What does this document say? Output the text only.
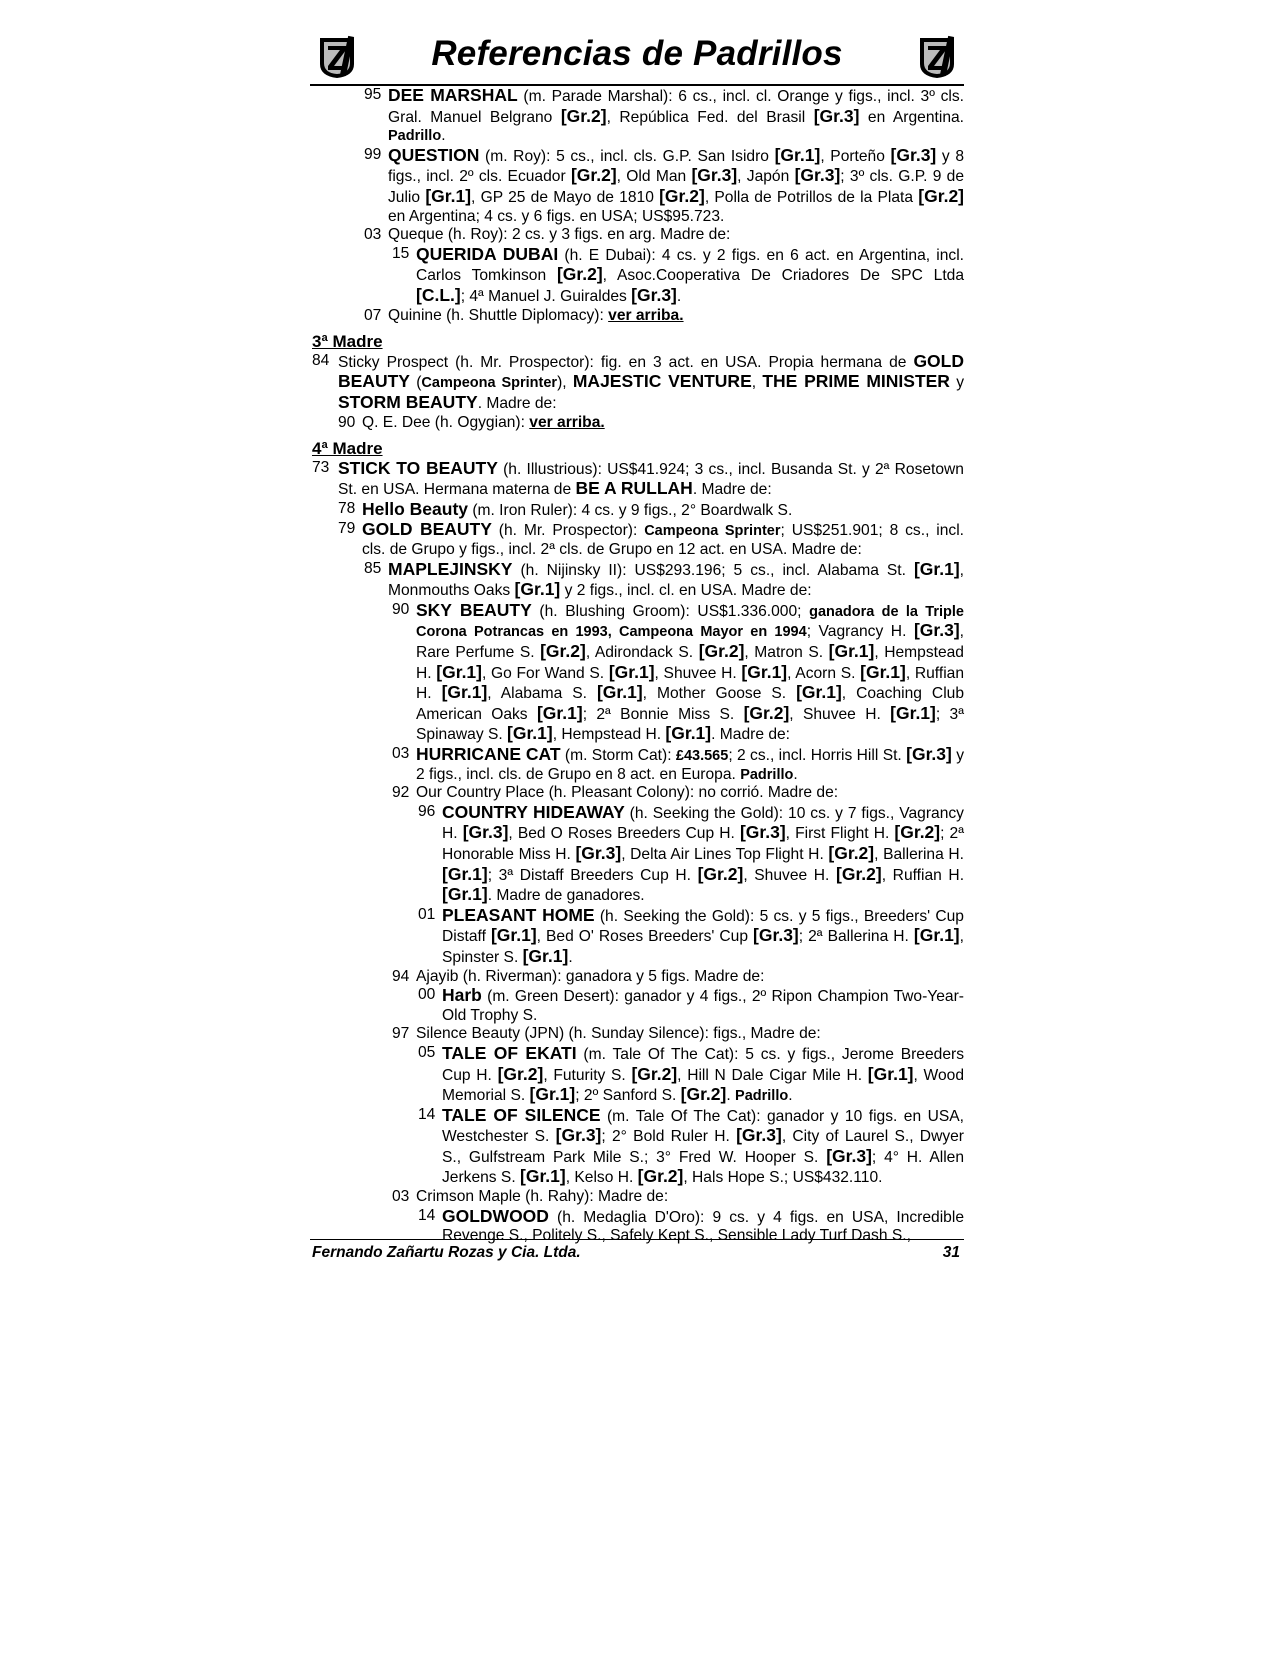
Referencias de Padrillos
95 DEE MARSHAL (m. Parade Marshal): 6 cs., incl. cl. Orange y figs., incl. 3º cls. Gral. Manuel Belgrano [Gr.2], República Fed. del Brasil [Gr.3] en Argentina. Padrillo.
99 QUESTION (m. Roy): 5 cs., incl. cls. G.P. San Isidro [Gr.1], Porteño [Gr.3] y 8 figs., incl. 2º cls. Ecuador [Gr.2], Old Man [Gr.3], Japón [Gr.3]; 3º cls. G.P. 9 de Julio [Gr.1], GP 25 de Mayo de 1810 [Gr.2], Polla de Potrillos de la Plata [Gr.2] en Argentina; 4 cs. y 6 figs. en USA; US$95.723.
03 Queque (h. Roy): 2 cs. y 3 figs. en arg. Madre de:
15 QUERIDA DUBAI (h. E Dubai): 4 cs. y 2 figs. en 6 act. en Argentina, incl. Carlos Tomkinson [Gr.2], Asoc.Cooperativa De Criadores De SPC Ltda [C.L.]; 4ª Manuel J. Guiraldes [Gr.3].
07 Quinine (h. Shuttle Diplomacy): ver arriba.
3ª Madre
84 Sticky Prospect (h. Mr. Prospector): fig. en 3 act. en USA. Propia hermana de GOLD BEAUTY (Campeona Sprinter), MAJESTIC VENTURE, THE PRIME MINISTER y STORM BEAUTY. Madre de:
90 Q. E. Dee (h. Ogygian): ver arriba.
4ª Madre
73 STICK TO BEAUTY (h. Illustrious): US$41.924; 3 cs., incl. Busanda St. y 2ª Rosetown St. en USA. Hermana materna de BE A RULLAH. Madre de:
78 Hello Beauty (m. Iron Ruler): 4 cs. y 9 figs., 2° Boardwalk S.
79 GOLD BEAUTY (h. Mr. Prospector): Campeona Sprinter; US$251.901; 8 cs., incl. cls. de Grupo y figs., incl. 2ª cls. de Grupo en 12 act. en USA. Madre de:
85 MAPLEJINSKY (h. Nijinsky II): US$293.196; 5 cs., incl. Alabama St. [Gr.1], Monmouths Oaks [Gr.1] y 2 figs., incl. cl. en USA. Madre de:
90 SKY BEAUTY (h. Blushing Groom): US$1.336.000; ganadora de la Triple Corona Potrancas en 1993, Campeona Mayor en 1994; Vagrancy H. [Gr.3], Rare Perfume S. [Gr.2], Adirondack S. [Gr.2], Matron S. [Gr.1], Hempstead H. [Gr.1], Go For Wand S. [Gr.1], Shuvee H. [Gr.1], Acorn S. [Gr.1], Ruffian H. [Gr.1], Alabama S. [Gr.1], Mother Goose S. [Gr.1], Coaching Club American Oaks [Gr.1]; 2ª Bonnie Miss S. [Gr.2], Shuvee H. [Gr.1]; 3ª Spinaway S. [Gr.1], Hempstead H. [Gr.1]. Madre de:
03 HURRICANE CAT (m. Storm Cat): £43.565; 2 cs., incl. Horris Hill St. [Gr.3] y 2 figs., incl. cls. de Grupo en 8 act. en Europa. Padrillo.
92 Our Country Place (h. Pleasant Colony): no corrió. Madre de:
96 COUNTRY HIDEAWAY (h. Seeking the Gold): 10 cs. y 7 figs., Vagrancy H. [Gr.3], Bed O Roses Breeders Cup H. [Gr.3], First Flight H. [Gr.2]; 2ª Honorable Miss H. [Gr.3], Delta Air Lines Top Flight H. [Gr.2], Ballerina H. [Gr.1]; 3ª Distaff Breeders Cup H. [Gr.2], Shuvee H. [Gr.2], Ruffian H. [Gr.1]. Madre de ganadores.
01 PLEASANT HOME (h. Seeking the Gold): 5 cs. y 5 figs., Breeders' Cup Distaff [Gr.1], Bed O' Roses Breeders' Cup [Gr.3]; 2ª Ballerina H. [Gr.1], Spinster S. [Gr.1].
94 Ajayib (h. Riverman): ganadora y 5 figs. Madre de:
00 Harb (m. Green Desert): ganador y 4 figs., 2º Ripon Champion Two-Year-Old Trophy S.
97 Silence Beauty (JPN) (h. Sunday Silence): figs., Madre de:
05 TALE OF EKATI (m. Tale Of The Cat): 5 cs. y figs., Jerome Breeders Cup H. [Gr.2], Futurity S. [Gr.2], Hill N Dale Cigar Mile H. [Gr.1], Wood Memorial S. [Gr.1]; 2º Sanford S. [Gr.2]. Padrillo.
14 TALE OF SILENCE (m. Tale Of The Cat): ganador y 10 figs. en USA, Westchester S. [Gr.3]; 2° Bold Ruler H. [Gr.3], City of Laurel S., Dwyer S., Gulfstream Park Mile S.; 3° Fred W. Hooper S. [Gr.3]; 4° H. Allen Jerkens S. [Gr.1], Kelso H. [Gr.2], Hals Hope S.; US$432.110.
03 Crimson Maple (h. Rahy): Madre de:
14 GOLDWOOD (h. Medaglia D'Oro): 9 cs. y 4 figs. en USA, Incredible Revenge S., Politely S., Safely Kept S., Sensible Lady Turf Dash S.,
Fernando Zañartu Rozas y Cia. Ltda.	31
